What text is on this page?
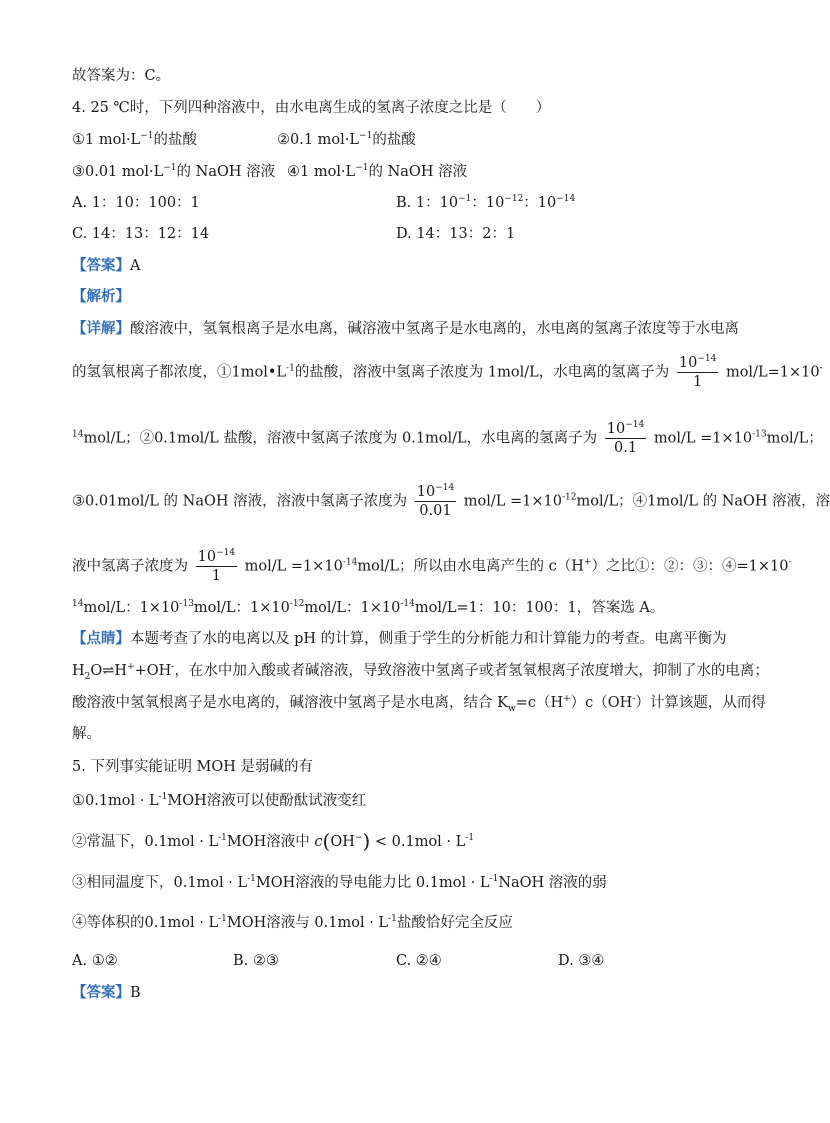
故答案为：C。
4. 25 ℃时，下列四种溶液中，由水电离生成的氢离子浓度之比是（　　）
①1 $mol\cdot L^{-1}$的盐酸	②0.1 $mol\cdot L^{-1}$的盐酸
③0.01 $mol\cdot L^{-1}$的 NaOH 溶液 ④1 $mol\cdot L^{-1}$的 NaOH 溶液
A. 1：10：100：1	B. 1：$10^{-1}$：$10^{-12}$：$10^{-14}$
C. 14：13：12：14	D. 14：13：2：1
【答案】A
【解析】
【详解】酸溶液中，氢氧根离子是水电离，碱溶液中氢离子是水电离的，水电离的氢离子浓度等于水电离
的氢氧根离子都浓度，$①1mol•L^{-1}$的盐酸，溶液中氢离子浓度为 1mol/L，水电离的氢离子为 $\frac{10^{-14}}{1} mol/L=1\times 10^-$
$^{14}$mol/L；②0.1mol/L 盐酸，溶液中氢离子浓度为 0.1mol/L，水电离的氢离子为 $\frac{10^{-14}}{0.1} mol/L =1\times 10^{-13}mol/L$；
③0.01mol/L 的 NaOH 溶液，溶液中氢离子浓度为 $\frac{10^{-14}}{0.01} mol/L =1\times 10^{-12}mol/L$；④1mol/L 的 NaOH 溶液，溶
液中氢离子浓度为 $\frac{10^{-14}}{1} mol/L =1\times 10^{-14}mol/L$；所以由水电离产生的 c（H+）之比①：②：③：④=1×10-
$^{14}$mol/L：$1\times 10^{-13}mol/L$：$1\times 10^{-12}mol/L$：$1\times 10^{-14}mol/L=1$：10：100：1，答案选 A。
【点睛】本题考查了水的电离以及 pH 的计算，侧重于学生的分析能力和计算能力的考查。电离平衡为
$H_2O\rightleftharpoons H^++OH^-$，在水中加入酸或者碱溶液，导致溶液中氢离子或者氢氧根离子浓度增大，抑制了水的电离；
酸溶液中氢氧根离子是水电离的，碱溶液中氢离子是水电离，结合 $K_w=c(H^+)c(OH^-)$计算该题，从而得
解。
5. 下列事实能证明 MOH 是弱碱的有
①0.1mol · $L^{-1}MOH$溶液可以使酚酞试液变红
②常温下，$0.1mol \cdot L^{-1}MOH$溶液中 $c(OH^-) < 0.1mol \cdot L^{-1}$
③相同温度下，$0.1mol \cdot L^{-1}MOH$溶液的导电能力比 $0.1mol \cdot L^{-1}NaOH$ 溶液的弱
④等体积的$0.1mol \cdot L^{-1}MOH$溶液与 $0.1mol \cdot L^{-1}$盐酸恰好完全反应
A. ①②	B. ②③	C. ②④	D. ③④
【答案】B
